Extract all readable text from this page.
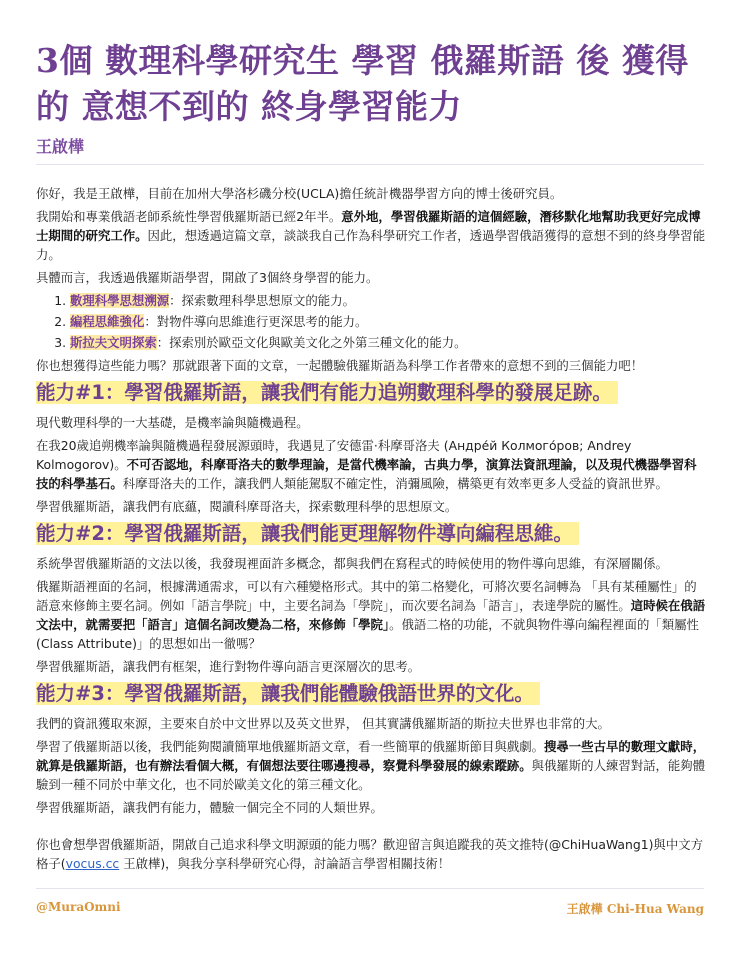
3個 數理科學研究生 學習 俄羅斯語 後 獲得的 意想不到的 終身學習能力

王啟樺

你好，我是王啟樺，目前在加州大學洛杉磯分校(UCLA)擔任統計機器學習方向的博士後研究員。

我開始和專業俄語老師系統性學習俄羅斯語已經2年半。意外地，學習俄羅斯語的這個經驗，潛移默化地幫助我更好完成博士期間的研究工作。因此，想透過這篇文章，談談我自己作為科學研究工作者，透過學習俄語獲得的意想不到的終身學習能力。

具體而言，我透過俄羅斯語學習，開啟了3個終身學習的能力。

1. 數理科學思想溯源：探索數理科學思想原文的能力。
2. 編程思維強化：對物件導向思維進行更深思考的能力。
3. 斯拉夫文明探索：探索別於歐亞文化與歐美文化之外第三種文化的能力。

你也想獲得這些能力嗎？那就跟著下面的文章，一起體驗俄羅斯語為科學工作者帶來的意想不到的三個能力吧！

能力#1：學習俄羅斯語，讓我們有能力追朔數理科學的發展足跡。

現代數理科學的一大基礎，是機率論與隨機過程。

在我20歲追朔機率論與隨機過程發展源頭時，我遇見了安德雷·科摩哥洛夫 (Андре́й Колмого́ров; Andrey Kolmogorov)。不可否認地，科摩哥洛夫的數學理論，是當代機率論，古典力學，演算法資訊理論，以及現代機器學習科技的科學基石。科摩哥洛夫的工作，讓我們人類能駕馭不確定性，消彌風險，構築更有效率更多人受益的資訊世界。

學習俄羅斯語，讓我們有底蘊，閱讀科摩哥洛夫，探索數理科學的思想原文。

能力#2：學習俄羅斯語，讓我們能更理解物件導向編程思維。

系統學習俄羅斯語的文法以後，我發現裡面許多概念，都與我們在寫程式的時候使用的物件導向思維，有深層關係。

俄羅斯語裡面的名詞，根據溝通需求，可以有六種變格形式。其中的第二格變化，可將次要名詞轉為 「具有某種屬性」的語意來修飾主要名詞。例如「語言學院」中，主要名詞為「學院」，而次要名詞為「語言」，表達學院的屬性。這時候在俄語文法中，就需要把「語言」這個名詞改變為二格，來修飾「學院」。俄語二格的功能，不就與物件導向編程裡面的「類屬性(Class Attribute)」的思想如出一徹嗎？

學習俄羅斯語，讓我們有框架，進行對物件導向語言更深層次的思考。

能力#3：學習俄羅斯語，讓我們能體驗俄語世界的文化。

我們的資訊獲取來源，主要來自於中文世界以及英文世界， 但其實講俄羅斯語的斯拉夫世界也非常的大。

學習了俄羅斯語以後，我們能夠閱讀簡單地俄羅斯語文章，看一些簡單的俄羅斯節目與戲劇。搜尋一些古早的數理文獻時，就算是俄羅斯語，也有辦法看個大概，有個想法要往哪邊搜尋，察覺科學發展的線索蹤跡。與俄羅斯的人練習對話，能夠體驗到一種不同於中華文化，也不同於歐美文化的第三種文化。

學習俄羅斯語，讓我們有能力，體驗一個完全不同的人類世界。

你也會想學習俄羅斯語，開啟自己追求科學文明源頭的能力嗎？歡迎留言與追蹤我的英文推特(@ChiHuaWang1)與中文方格子(vocus.cc 王啟樺)，與我分享科學研究心得，討論語言學習相關技術！

@MuraOmni	王啟樺 Chi-Hua Wang
